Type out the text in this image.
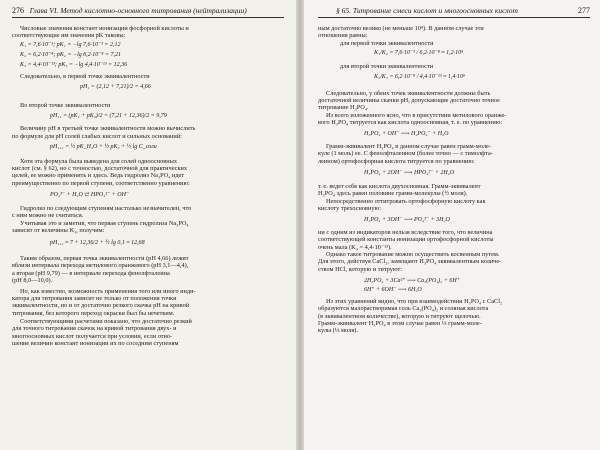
276 Глава VI. Метод кислотно-основного титрования (нейтрализации)
Числовые значения констант ионизации фосфорной кислоты и
соответствующие им значения pK таковы:
K₁ = 7,6·10⁻³; pK₁ = −lg 7,6·10⁻³ = 2,12
K₂ = 6,2·10⁻⁸; pK₂ = −lg 6,2·10⁻⁸ = 7,21
K₃ = 4,4·10⁻¹³; pK₃ = −lg 4,4·10⁻¹³ = 12,36
Следовательно, в первой точке эквивалентности
pH₁ = (2,12 + 7,21)/2 = 4,66
Во второй точке эквивалентности
pH₁₁ = (pK₂ + pK₃)/2 = (7,21 + 12,36)/2 = 9,79
Величину pH в третьей точке эквивалентности можно вычислить
по формуле для pH солей слабых кислот и сильных оснований:
pH₁₁₁ = ½ pK_H₂O + ½ pK₃ + ½ lg C_соли
Хотя эта формула была выведена для солей одноосновных
кислот (см. § 62), но с точностью, достаточной для практических
целей, ее можно применить и здесь. Ведь гидролиз Na₃PO₄ идет
преимущественно по первой ступени, соответственно уравнению:
PO₄³⁻ + H₂O ⇄ HPO₄²⁻ + OH⁻
Гидролиз по следующим ступеням настолько незначителен, что
с ним можно не считаться.
Учитывая это и заметив, что первая ступень гидролиза Na₃PO₄
зависит от величины K₃, получим:
pH₁₁₁ ≈ 7 + 12,36/2 + ½ lg 0,1 ≈ 12,68
Таким образом, первая точка эквивалентности (pH 4,66) лежит
вблизи интервала перехода метилового оранжевого (pH 3,1—4,4),
а вторая (pH 9,79) — в интервале перехода фенолфталеина
(pH 8,0—10,0).
Но, как известно, возможность применения того или иного инди-
катора для титрования зависит не только от положения точки
эквивалентности, но и от достаточно резкого скачка pH на кривой
титрования, без которого переход окраски был бы нечетким.
Соответствующими расчетами показано, что достаточно резкий
для точного титрования скачок на кривой титрования двух- и
многоосновных кислот получается при условии, если отно-
шение величин констант ионизации их по соседним ступеням
§ 65. Титрование смеси кислот и многоосновных кислот	277
ным достаточно велико (не меньше 10⁴). В данном случае эти
отношения равны:
для первой точки эквивалентности
K₁/K₂ = 7,6·10⁻³ / 6,2·10⁻⁸ ≈ 1,2·10⁵
для второй точки эквивалентности
K₂/K₃ = 6,2·10⁻⁸ / 4,4·10⁻¹³ ≈ 1,4·10⁵
Следовательно, у обеих точек эквивалентности должны быть
достаточной величины скачки pH, допускающие достаточно точное
титрование H₃PO₄.
Из всего изложенного ясно, что в присутствии метилового оранже-
вого H₃PO₄ титруется как кислота одноосновная, т. е. по уравнению:
H₃PO₄ + OH⁻ ⟶ H₂PO₄⁻ + H₂O
Грамм-эквивалент H₃PO₄ в данном случае равен грамм-моле-
куле (1 моль) ее. С фенолфталеином (более точно — с тимолфта-
леином) ортофосфорная кислота титруется по уравнению:
H₃PO₄ + 2OH⁻ ⟶ HPO₄²⁻ + 2H₂O
т. е. ведет себя как кислота двухосновная. Грамм-эквивалент
H₃PO₄ здесь равен половине грамм-молекулы (½ моля).
Непосредственно оттитровать ортофосфорную кислоту как
кислоту трехосновную:
H₃PO₄ + 3OH⁻ ⟶ PO₄³⁻ + 3H₂O
ни с одним из индикаторов нельзя вследствие того, что величина
соответствующей константы ионизации ортофосфорной кислоты
очень мала (K₃ = 4,4·10⁻¹³).
Однако такое титрование можно осуществить косвенным путем.
Для этого, действуя CaCl₂, замещают H₃PO₄ эквивалентным количе-
ством HCl, которую и титруют:
2H₃PO₄ + 3Ca²⁺ ⟶ Ca₃(PO₄)₂ + 6H⁺
6H⁺ + 6OH⁻ ⟶ 6H₂O
Из этих уравнений видно, что при взаимодействии H₃PO₄ с CaCl₂
образуются малорастворимая соль Ca₃(PO₄)₂ и соляная кислота
(в эквивалентном количестве), которую и титруют щелочью.
Грамм-эквивалент H₃PO₄ в этом случае равен ⅓ грамм-моле-
кулы (⅓ моля).
